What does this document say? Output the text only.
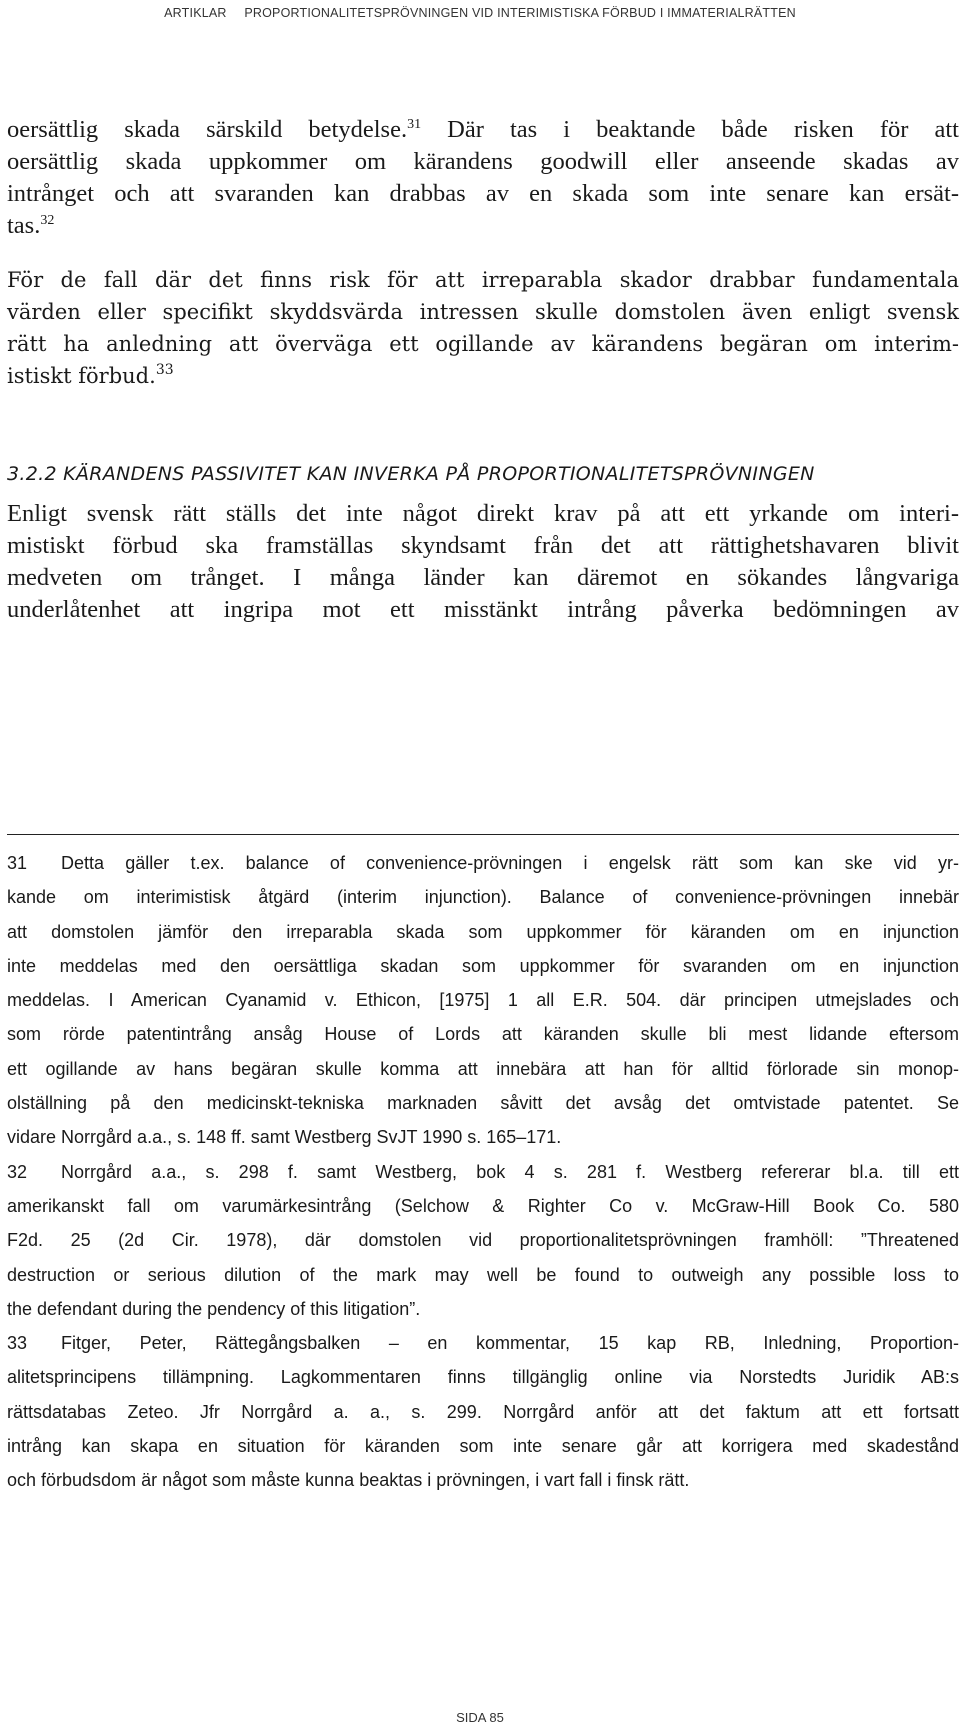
ARTIKLAR PROPORTIONALITETSPRÖVNINGEN VID INTERIMISTISKA FÖRBUD I IMMATERIALRÄTTEN
oersättlig skada särskild betydelse.$^{31}$ Där tas i beaktande både risken för att
oersättlig skada uppkommer om kärandens goodwill eller anseende skadas av
intrånget och att svaranden kan drabbas av en skada som inte senare kan ersät-
tas.$^{32}$
För de fall där det finns risk för att irreparabla skador drabbar fundamentala
värden eller specifikt skyddsvärda intressen skulle domstolen även enligt svensk
rätt ha anledning att överväga ett ogillande av kärandens begäran om interim-
istiskt förbud.$^{33}$
3.2.2 KÄRANDENS PASSIVITET KAN INVERKA PÅ PROPORTIONALITETSPRÖVNINGEN
Enligt svensk rätt ställs det inte något direkt krav på att ett yrkande om interi-
mistiskt förbud ska framställas skyndsamt från det att rättighetshavaren blivit
medveten om trånget. I många länder kan däremot en sökandes långvariga
underlåtenhet att ingripa mot ett misstänkt intrång påverka bedömningen av
31 Detta gäller t.ex. balance of convenience-prövningen i engelsk rätt som kan ske vid yr-
kande om interimistisk åtgärd (interim injunction). Balance of convenience-prövningen innebär
att domstolen jämför den irreparabla skada som uppkommer för käranden om en injunction
inte meddelas med den oersättliga skadan som uppkommer för svaranden om en injunction
meddelas. I American Cyanamid v. Ethicon, [1975] 1 all E.R. 504. där principen utmejslades och
som rörde patentintrång ansåg House of Lords att käranden skulle bli mest lidande eftersom
ett ogillande av hans begäran skulle komma att innebära att han för alltid förlorade sin monop-
olställning på den medicinskt-tekniska marknaden såvitt det avsåg det omtvistade patentet. Se
vidare Norrgård a.a., s. 148 ff. samt Westberg SvJT 1990 s. 165–171.
32 Norrgård a.a., s. 298 f. samt Westberg, bok 4 s. 281 f. Westberg refererar bl.a. till ett
amerikanskt fall om varumärkesintrång (Selchow & Righter Co v. McGraw-Hill Book Co. 580
F2d. 25 (2d Cir. 1978), där domstolen vid proportionalitetsprövningen framhöll: ”Threatened
destruction or serious dilution of the mark may well be found to outweigh any possible loss to
the defendant during the pendency of this litigation”.
33 Fitger, Peter, Rättegångsbalken – en kommentar, 15 kap RB, Inledning, Proportion-
alitetsprincipens tillämpning. Lagkommentaren finns tillgänglig online via Norstedts Juridik AB:s
rättsdatabas Zeteo. Jfr Norrgård a. a., s. 299. Norrgård anför att det faktum att ett fortsatt
intrång kan skapa en situation för käranden som inte senare går att korrigera med skadestånd
och förbudsdom är något som måste kunna beaktas i prövningen, i vart fall i finsk rätt.
SIDA 85
